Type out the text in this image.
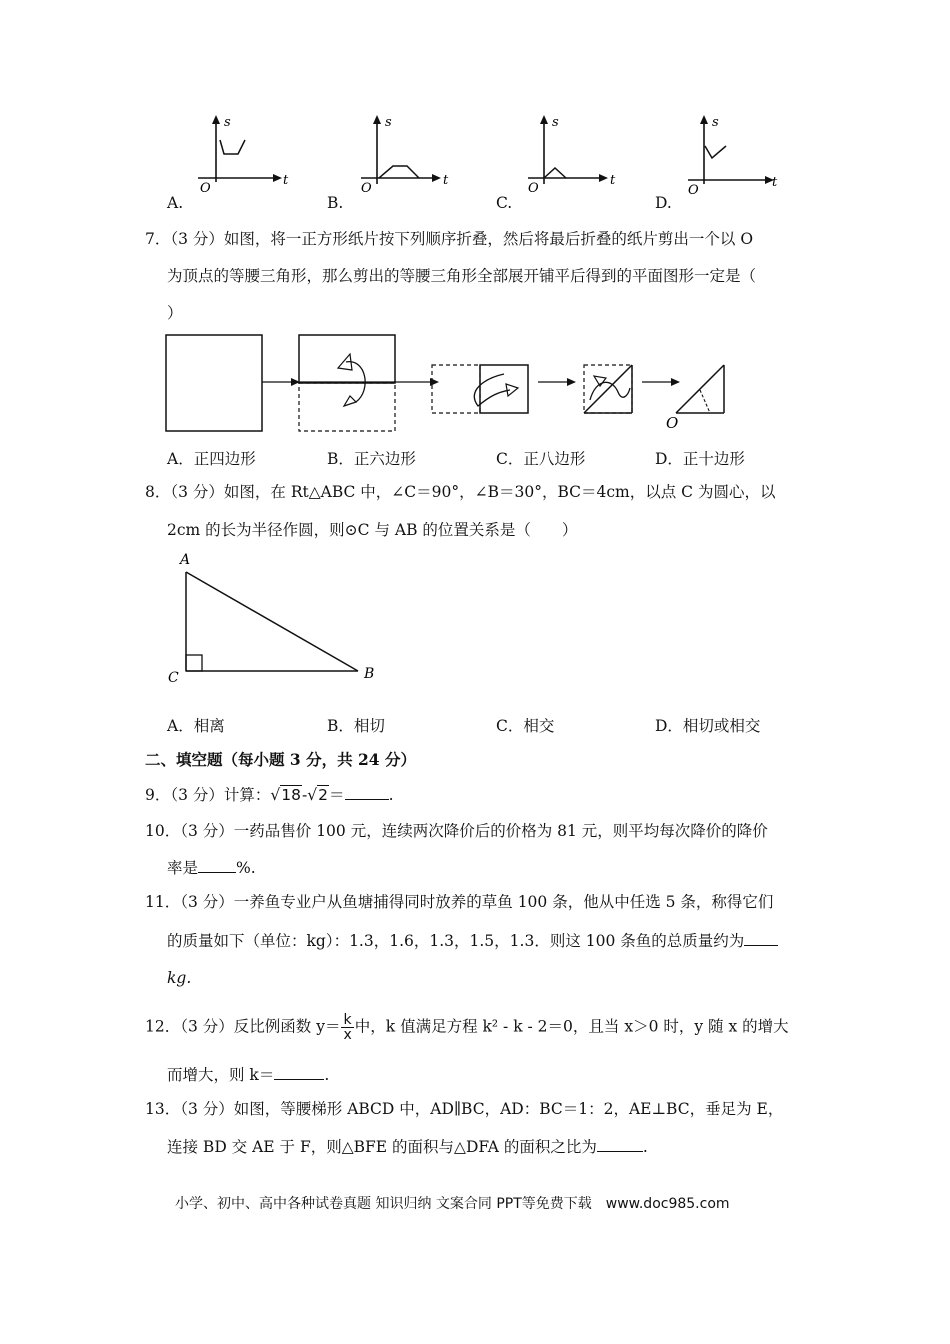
s
t
O
A.
s
t
O
B.
s
t
O
C.
s
t
O
D.
7．（3 分）如图，将一正方形纸片按下列顺序折叠，然后将最后折叠的纸片剪出一个以 O
为顶点的等腰三角形，那么剪出的等腰三角形全部展开铺平后得到的平面图形一定是（
）
O
A．正四边形	B．正六边形	C．正八边形	D．正十边形
8．（3 分）如图，在 Rt△ABC 中，∠C＝90°，∠B＝30°，BC＝4cm，以点 C 为圆心，以
2cm 的长为半径作圆，则⊙C 与 AB 的位置关系是（　　）
A
B
C
A．相离	B．相切	C．相交	D．相切或相交
二、填空题（每小题 3 分，共 24 分）
9．（3 分）计算：√18-√2＝	.
10．（3 分）一药品售价 100 元，连续两次降价后的价格为 81 元，则平均每次降价的降价
率是 %.
11．（3 分）一养鱼专业户从鱼塘捕得同时放养的草鱼 100 条，他从中任选 5 条，称得它们
的质量如下（单位：kg）：1.3，1.6，1.3，1.5，1.3．则这 100 条鱼的总质量约为
kg.
12．（3 分）反比例函数 $y= \frac{k}{x}$ 中，k 值满足方程 k² - k - 2＝0，且当 x＞0 时，y 随 x 的增大
而增大，则 k＝	.
13．（3 分）如图，等腰梯形 ABCD 中，AD∥BC，AD：BC＝1：2，AE⊥BC，垂足为 E，
连接 BD 交 AE 于 F，则△BFE 的面积与△DFA 的面积之比为	.
小学、初中、高中各种试卷真题 知识归纳 文案合同 PPT等免费下载　www.doc985.com
